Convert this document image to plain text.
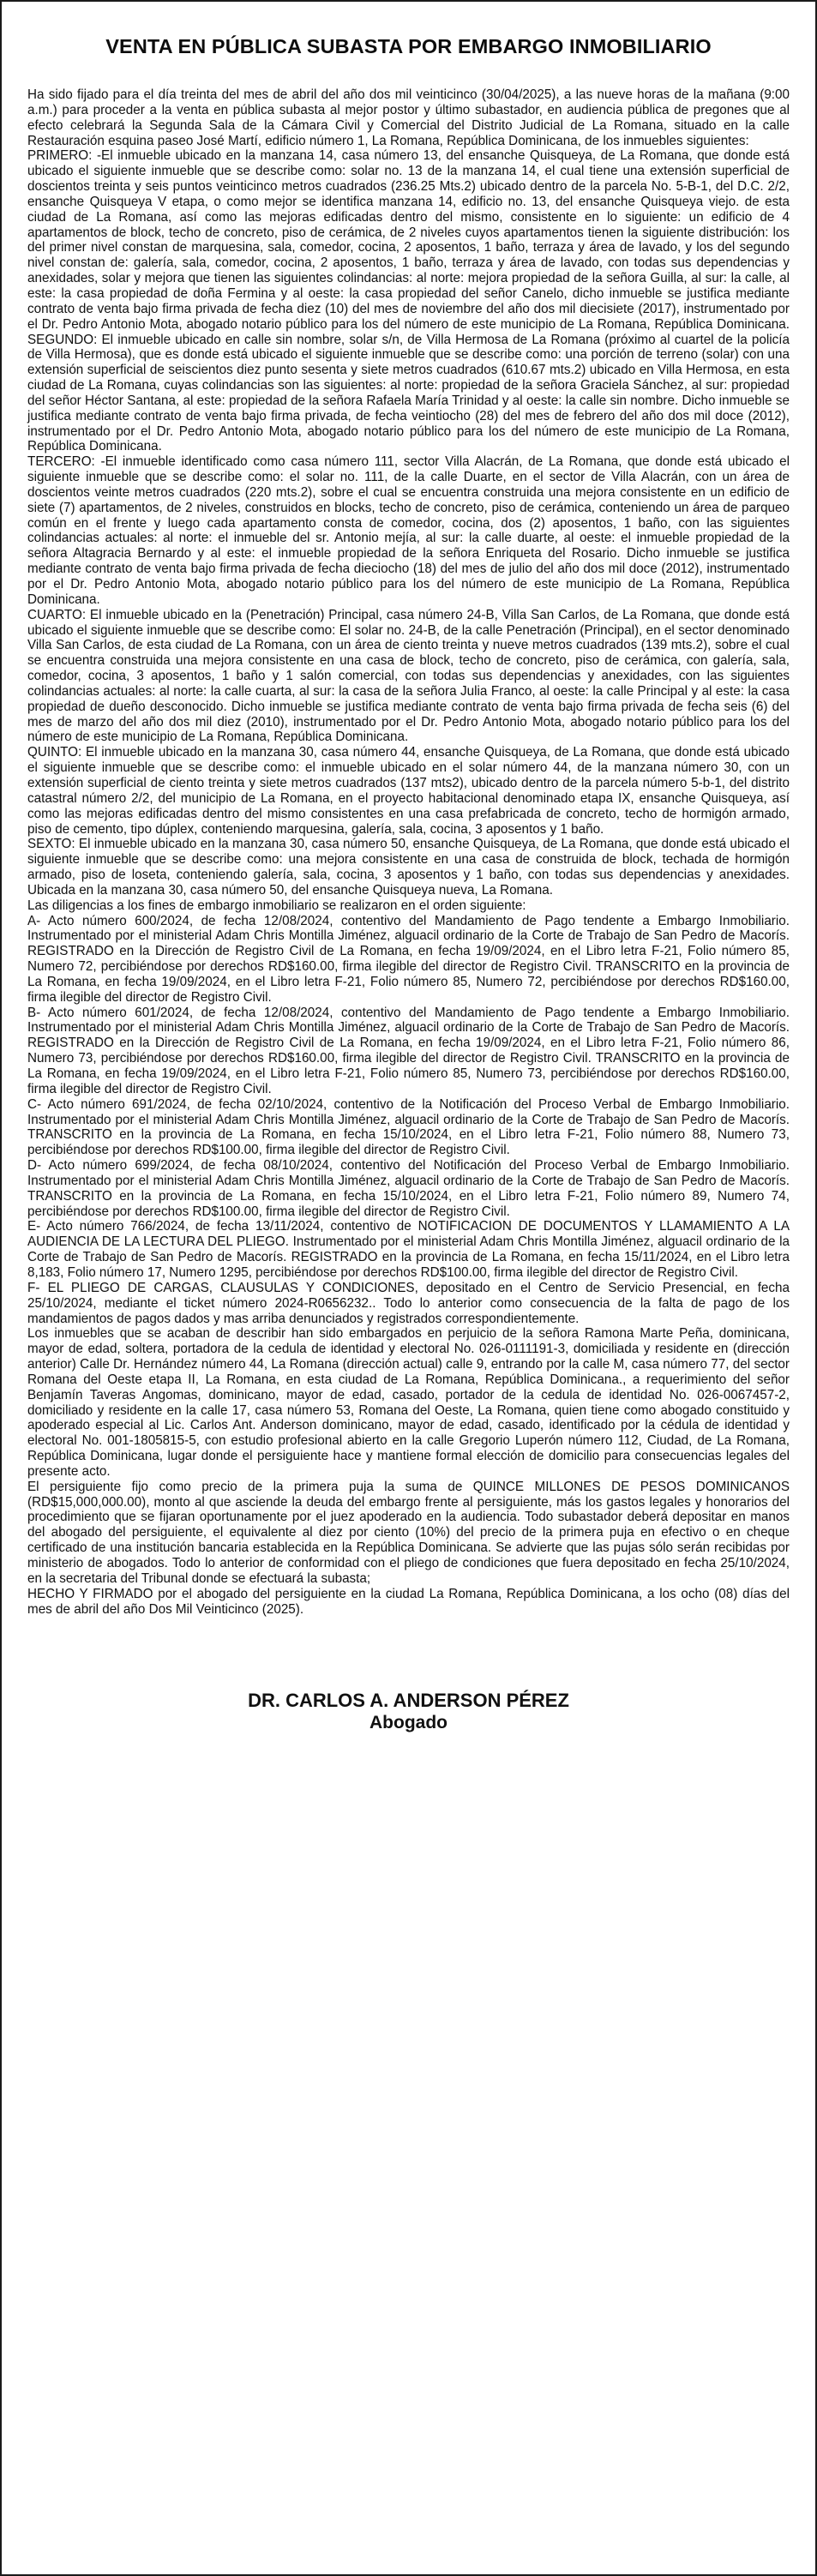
VENTA EN PÚBLICA SUBASTA POR EMBARGO INMOBILIARIO

Ha sido fijado para el día treinta del mes de abril del año dos mil veinticinco (30/04/2025), a las nueve horas de la mañana (9:00 a.m.) para proceder a la venta en pública subasta al mejor postor y último subastador, en audiencia pública de pregones que al efecto celebrará la Segunda Sala de la Cámara Civil y Comercial del Distrito Judicial de La Romana, situado en la calle Restauración esquina paseo José Martí, edificio número 1, La Romana, República Dominicana, de los inmuebles siguientes:

PRIMERO: -El inmueble ubicado en la manzana 14, casa número 13, del ensanche Quisqueya, de La Romana, que donde está ubicado el siguiente inmueble que se describe como: solar no. 13 de la manzana 14, el cual tiene una extensión superficial de doscientos treinta y seis puntos veinticinco metros cuadrados (236.25 Mts.2) ubicado dentro de la parcela No. 5-B-1, del D.C. 2/2, ensanche Quisqueya V etapa, o como mejor se identifica manzana 14, edificio no. 13, del ensanche Quisqueya viejo. de esta ciudad de La Romana, así como las mejoras edificadas dentro del mismo, consistente en lo siguiente: un edificio de 4 apartamentos de block, techo de concreto, piso de cerámica, de 2 niveles cuyos apartamentos tienen la siguiente distribución: los del primer nivel constan de marquesina, sala, comedor, cocina, 2 aposentos, 1 baño, terraza y área de lavado, y los del segundo nivel constan de: galería, sala, comedor, cocina, 2 aposentos, 1 baño, terraza y área de lavado, con todas sus dependencias y anexidades, solar y mejora que tienen las siguientes colindancias: al norte: mejora propiedad de la señora Guilla, al sur: la calle, al este: la casa propiedad de doña Fermina y al oeste: la casa propiedad del señor Canelo, dicho inmueble se justifica mediante contrato de venta bajo firma privada de fecha diez (10) del mes de noviembre del año dos mil diecisiete (2017), instrumentado por el Dr. Pedro Antonio Mota, abogado notario público para los del número de este municipio de La Romana, República Dominicana. SEGUNDO: El inmueble ubicado en calle sin nombre, solar s/n, de Villa Hermosa de La Romana (próximo al cuartel de la policía de Villa Hermosa), que es donde está ubicado el siguiente inmueble que se describe como: una porción de terreno (solar) con una extensión superficial de seiscientos diez punto sesenta y siete metros cuadrados (610.67 mts.2) ubicado en Villa Hermosa, en esta ciudad de La Romana, cuyas colindancias son las siguientes: al norte: propiedad de la señora Graciela Sánchez, al sur: propiedad del señor Héctor Santana, al este: propiedad de la señora Rafaela María Trinidad y al oeste: la calle sin nombre. Dicho inmueble se justifica mediante contrato de venta bajo firma privada, de fecha veintiocho (28) del mes de febrero del año dos mil doce (2012), instrumentado por el Dr. Pedro Antonio Mota, abogado notario público para los del número de este municipio de La Romana, República Dominicana.

TERCERO: -El inmueble identificado como casa número 111, sector Villa Alacrán, de La Romana, que donde está ubicado el siguiente inmueble que se describe como: el solar no. 111, de la calle Duarte, en el sector de Villa Alacrán, con un área de doscientos veinte metros cuadrados (220 mts.2), sobre el cual se encuentra construida una mejora consistente en un edificio de siete (7) apartamentos, de 2 niveles, construidos en blocks, techo de concreto, piso de cerámica, conteniendo un área de parqueo común en el frente y luego cada apartamento consta de comedor, cocina, dos (2) aposentos, 1 baño, con las siguientes colindancias actuales: al norte: el inmueble del sr. Antonio mejía, al sur: la calle duarte, al oeste: el inmueble propiedad de la señora Altagracia Bernardo y al este: el inmueble propiedad de la señora Enriqueta del Rosario. Dicho inmueble se justifica mediante contrato de venta bajo firma privada de fecha dieciocho (18) del mes de julio del año dos mil doce (2012), instrumentado por el Dr. Pedro Antonio Mota, abogado notario público para los del número de este municipio de La Romana, República Dominicana.

CUARTO: El inmueble ubicado en la (Penetración) Principal, casa número 24-B, Villa San Carlos, de La Romana, que donde está ubicado el siguiente inmueble que se describe como: El solar no. 24-B, de la calle Penetración (Principal), en el sector denominado Villa San Carlos, de esta ciudad de La Romana, con un área de ciento treinta y nueve metros cuadrados (139 mts.2), sobre el cual se encuentra construida una mejora consistente en una casa de block, techo de concreto, piso de cerámica, con galería, sala, comedor, cocina, 3 aposentos, 1 baño y 1 salón comercial, con todas sus dependencias y anexidades, con las siguientes colindancias actuales: al norte: la calle cuarta, al sur: la casa de la señora Julia Franco, al oeste: la calle Principal y al este: la casa propiedad de dueño desconocido. Dicho inmueble se justifica mediante contrato de venta bajo firma privada de fecha seis (6) del mes de marzo del año dos mil diez (2010), instrumentado por el Dr. Pedro Antonio Mota, abogado notario público para los del número de este municipio de La Romana, República Dominicana.

QUINTO: El inmueble ubicado en la manzana 30, casa número 44, ensanche Quisqueya, de La Romana, que donde está ubicado el siguiente inmueble que se describe como: el inmueble ubicado en el solar número 44, de la manzana número 30, con un extensión superficial de ciento treinta y siete metros cuadrados (137 mts2), ubicado dentro de la parcela número 5-b-1, del distrito catastral número 2/2, del municipio de La Romana, en el proyecto habitacional denominado etapa IX, ensanche Quisqueya, así como las mejoras edificadas dentro del mismo consistentes en una casa prefabricada de concreto, techo de hormigón armado, piso de cemento, tipo dúplex, conteniendo marquesina, galería, sala, cocina, 3 aposentos y 1 baño.

SEXTO: El inmueble ubicado en la manzana 30, casa número 50, ensanche Quisqueya, de La Romana, que donde está ubicado el siguiente inmueble que se describe como: una mejora consistente en una casa de construida de block, techada de hormigón armado, piso de loseta, conteniendo galería, sala, cocina, 3 aposentos y 1 baño, con todas sus dependencias y anexidades. Ubicada en la manzana 30, casa número 50, del ensanche Quisqueya nueva, La Romana.

Las diligencias a los fines de embargo inmobiliario se realizaron en el orden siguiente:

A- Acto número 600/2024, de fecha 12/08/2024, contentivo del Mandamiento de Pago tendente a Embargo Inmobiliario. Instrumentado por el ministerial Adam Chris Montilla Jiménez, alguacil ordinario de la Corte de Trabajo de San Pedro de Macorís. REGISTRADO en la Dirección de Registro Civil de La Romana, en fecha 19/09/2024, en el Libro letra F-21, Folio número 85, Numero 72, percibiéndose por derechos RD$160.00, firma ilegible del director de Registro Civil. TRANSCRITO en la provincia de La Romana, en fecha 19/09/2024, en el Libro letra F-21, Folio número 85, Numero 72, percibiéndose por derechos RD$160.00, firma ilegible del director de Registro Civil.

B- Acto número 601/2024, de fecha 12/08/2024, contentivo del Mandamiento de Pago tendente a Embargo Inmobiliario. Instrumentado por el ministerial Adam Chris Montilla Jiménez, alguacil ordinario de la Corte de Trabajo de San Pedro de Macorís. REGISTRADO en la Dirección de Registro Civil de La Romana, en fecha 19/09/2024, en el Libro letra F-21, Folio número 86, Numero 73, percibiéndose por derechos RD$160.00, firma ilegible del director de Registro Civil. TRANSCRITO en la provincia de La Romana, en fecha 19/09/2024, en el Libro letra F-21, Folio número 85, Numero 73, percibiéndose por derechos RD$160.00, firma ilegible del director de Registro Civil.

C- Acto número 691/2024, de fecha 02/10/2024, contentivo de la Notificación del Proceso Verbal de Embargo Inmobiliario. Instrumentado por el ministerial Adam Chris Montilla Jiménez, alguacil ordinario de la Corte de Trabajo de San Pedro de Macorís. TRANSCRITO en la provincia de La Romana, en fecha 15/10/2024, en el Libro letra F-21, Folio número 88, Numero 73, percibiéndose por derechos RD$100.00, firma ilegible del director de Registro Civil.

D- Acto número 699/2024, de fecha 08/10/2024, contentivo del Notificación del Proceso Verbal de Embargo Inmobiliario. Instrumentado por el ministerial Adam Chris Montilla Jiménez, alguacil ordinario de la Corte de Trabajo de San Pedro de Macorís. TRANSCRITO en la provincia de La Romana, en fecha 15/10/2024, en el Libro letra F-21, Folio número 89, Numero 74, percibiéndose por derechos RD$100.00, firma ilegible del director de Registro Civil.

E- Acto número 766/2024, de fecha 13/11/2024, contentivo de NOTIFICACION DE DOCUMENTOS Y LLAMAMIENTO A LA AUDIENCIA DE LA LECTURA DEL PLIEGO. Instrumentado por el ministerial Adam Chris Montilla Jiménez, alguacil ordinario de la Corte de Trabajo de San Pedro de Macorís. REGISTRADO en la provincia de La Romana, en fecha 15/11/2024, en el Libro letra 8,183, Folio número 17, Numero 1295, percibiéndose por derechos RD$100.00, firma ilegible del director de Registro Civil.

F- EL PLIEGO DE CARGAS, CLAUSULAS Y CONDICIONES, depositado en el Centro de Servicio Presencial, en fecha 25/10/2024, mediante el ticket número 2024-R0656232.. Todo lo anterior como consecuencia de la falta de pago de los mandamientos de pagos dados y mas arriba denunciados y registrados correspondientemente.

Los inmuebles que se acaban de describir han sido embargados en perjuicio de la señora Ramona Marte Peña, dominicana, mayor de edad, soltera, portadora de la cedula de identidad y electoral No. 026-0111191-3, domiciliada y residente en (dirección anterior) Calle Dr. Hernández número 44, La Romana (dirección actual) calle 9, entrando por la calle M, casa número 77, del sector Romana del Oeste etapa II, La Romana, en esta ciudad de La Romana, República Dominicana., a requerimiento del señor Benjamín Taveras Angomas, dominicano, mayor de edad, casado, portador de la cedula de identidad No. 026-0067457-2, domiciliado y residente en la calle 17, casa número 53, Romana del Oeste, La Romana, quien tiene como abogado constituido y apoderado especial al Lic. Carlos Ant. Anderson dominicano, mayor de edad, casado, identificado por la cédula de identidad y electoral No. 001-1805815-5, con estudio profesional abierto en la calle Gregorio Luperón número 112, Ciudad, de La Romana, República Dominicana, lugar donde el persiguiente hace y mantiene formal elección de domicilio para consecuencias legales del presente acto.

El persiguiente fijo como precio de la primera puja la suma de QUINCE MILLONES DE PESOS DOMINICANOS (RD$15,000,000.00), monto al que asciende la deuda del embargo frente al persiguiente, más los gastos legales y honorarios del procedimiento que se fijaran oportunamente por el juez apoderado en la audiencia. Todo subastador deberá depositar en manos del abogado del persiguiente, el equivalente al diez por ciento (10%) del precio de la primera puja en efectivo o en cheque certificado de una institución bancaria establecida en la República Dominicana. Se advierte que las pujas sólo serán recibidas por ministerio de abogados. Todo lo anterior de conformidad con el pliego de condiciones que fuera depositado en fecha 25/10/2024, en la secretaria del Tribunal donde se efectuará la subasta;

HECHO Y FIRMADO por el abogado del persiguiente en la ciudad La Romana, República Dominicana, a los ocho (08) días del mes de abril del año Dos Mil Veinticinco (2025).

DR. CARLOS A. ANDERSON PÉREZ
Abogado
